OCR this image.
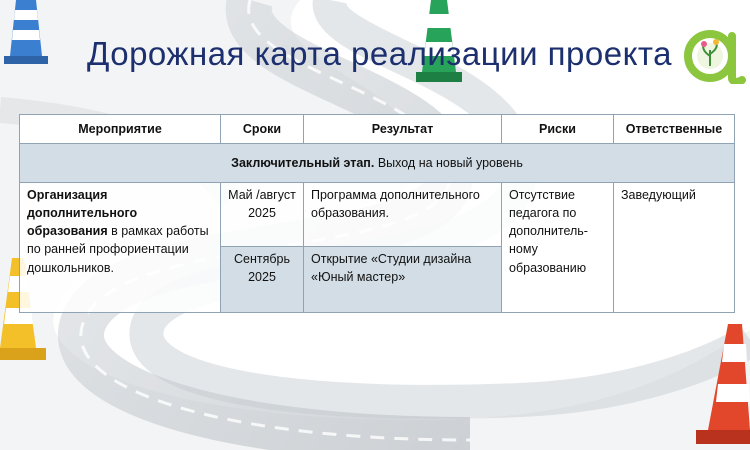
Дорожная карта реализации проекта
Мероприятие	Сроки	Результат	Риски	Ответственные
Заключительный этап. Выход на новый уровень				
Организация дополнительного образования в рамках работы по ранней профориентации дошкольников.	Май /август 2025	Программа дополнительного образования.	Отсутствие педагога по дополнитель-ному образованию	Заведующий
	Сентябрь 2025	Открытие «Студии дизайна «Юный мастер»		
